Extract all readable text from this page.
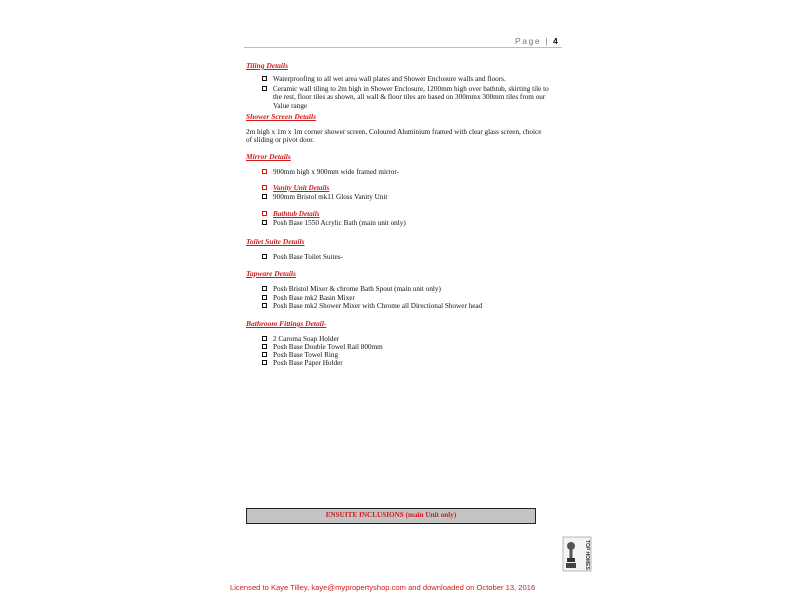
Page | 4
Tiling Details
Waterproofing to all wet area wall plates and Shower Enclosure walls and floors.
Ceramic wall tiling to 2m high in Shower Enclosure, 1200mm high over bathtub, skirting tile to the rest, floor tiles as shown, all wall & floor tiles are based on 300mmx 300mm tiles from our Value range
Shower Screen Details
2m high x 1m x 1m corner shower screen, Coloured Aluminium framed with clear glass screen, choice of sliding or pivot door.
Mirror Details
900mm high x 900mm wide framed mirror-
Vanity Unit Details
900mm Bristol mk11 Gloss Vanity Unit
Bathtub Details
Posh Base 1550 Acrylic Bath (main unit only)
Toilet Suite Details
Posh Base Toilet Suites-
Tapware Details
Posh Bristol Mixer & chrome Bath Spout (main unit only)
Posh Base mk2 Basin Mixer
Posh Base mk2 Shower Mixer with Chrome all Directional Shower head
Bathroom Fittings Detail-
2 Caroma Soap Holder
Posh Base Double Towel Rail 800mm
Posh Base Towel Ring
Posh Base Paper Holder
ENSUITE INCLUSIONS (main Unit only)
TOP HOMES
Licensed to Kaye Tilley, kaye@mypropertyshop.com and downloaded on October 13, 2016
